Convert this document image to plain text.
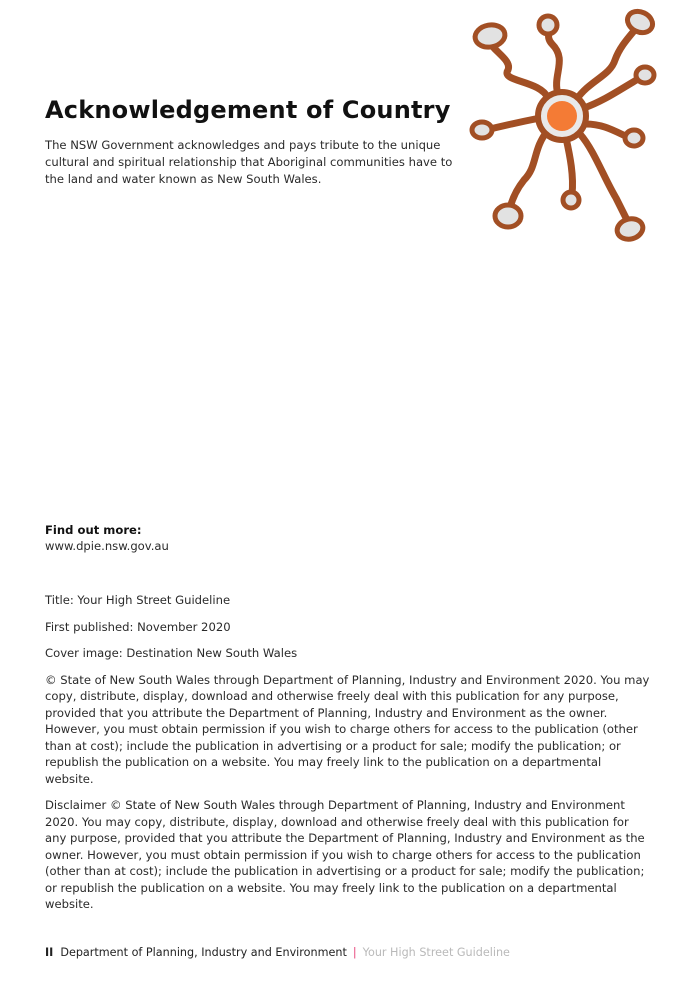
Acknowledgement of Country

The NSW Government acknowledges and pays tribute to the unique cultural and spiritual relationship that Aboriginal communities have to the land and water known as New South Wales.

Find out more:
www.dpie.nsw.gov.au

Title: Your High Street Guideline

First published: November 2020

Cover image: Destination New South Wales

© State of New South Wales through Department of Planning, Industry and Environment 2020. You may copy, distribute, display, download and otherwise freely deal with this publication for any purpose, provided that you attribute the Department of Planning, Industry and Environment as the owner. However, you must obtain permission if you wish to charge others for access to the publication (other than at cost); include the publication in advertising or a product for sale; modify the publication; or republish the publication on a website. You may freely link to the publication on a departmental website.

Disclaimer © State of New South Wales through Department of Planning, Industry and Environment 2020. You may copy, distribute, display, download and otherwise freely deal with this publication for any purpose, provided that you attribute the Department of Planning, Industry and Environment as the owner. However, you must obtain permission if you wish to charge others for access to the publication (other than at cost); include the publication in advertising or a product for sale; modify the publication; or republish the publication on a website. You may freely link to the publication on a departmental website.

II Department of Planning, Industry and Environment | Your High Street Guideline
